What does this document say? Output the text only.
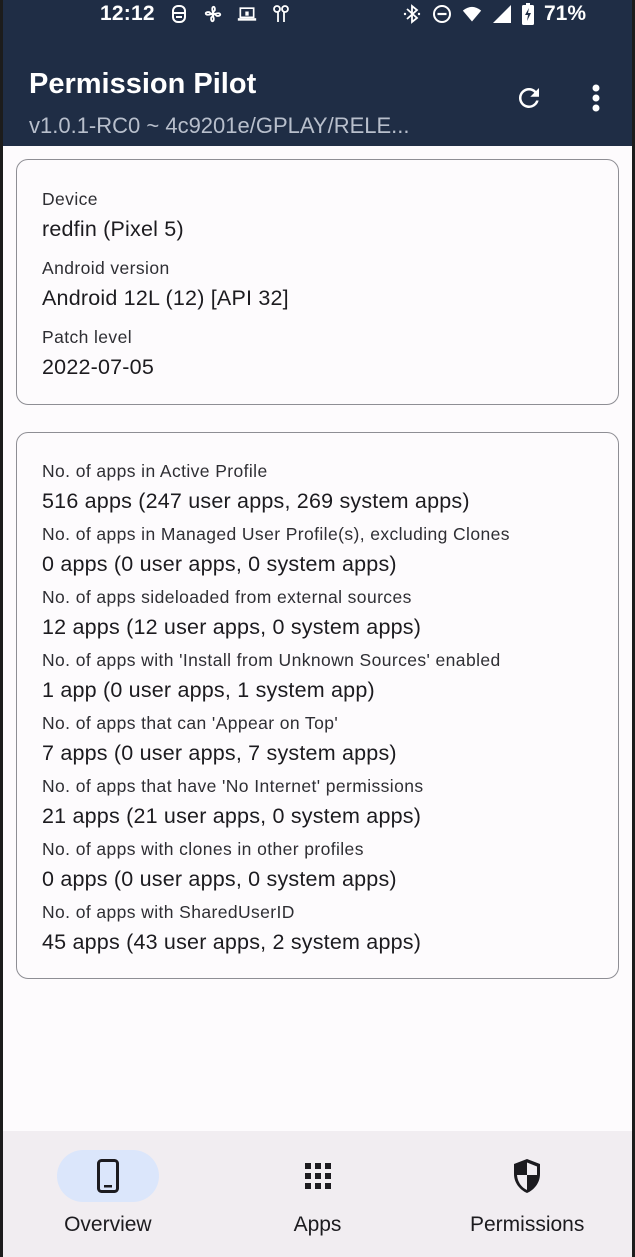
12:12	71%
Permission Pilot
v1.0.1-RC0 ~ 4c9201e/GPLAY/RELE...
Device
redfin (Pixel 5)
Android version
Android 12L (12) [API 32]
Patch level
2022-07-05
No. of apps in Active Profile
516 apps (247 user apps, 269 system apps)
No. of apps in Managed User Profile(s), excluding Clones
0 apps (0 user apps, 0 system apps)
No. of apps sideloaded from external sources
12 apps (12 user apps, 0 system apps)
No. of apps with 'Install from Unknown Sources' enabled
1 app (0 user apps, 1 system app)
No. of apps that can 'Appear on Top'
7 apps (0 user apps, 7 system apps)
No. of apps that have 'No Internet' permissions
21 apps (21 user apps, 0 system apps)
No. of apps with clones in other profiles
0 apps (0 user apps, 0 system apps)
No. of apps with SharedUserID
45 apps (43 user apps, 2 system apps)
Overview	Apps	Permissions
